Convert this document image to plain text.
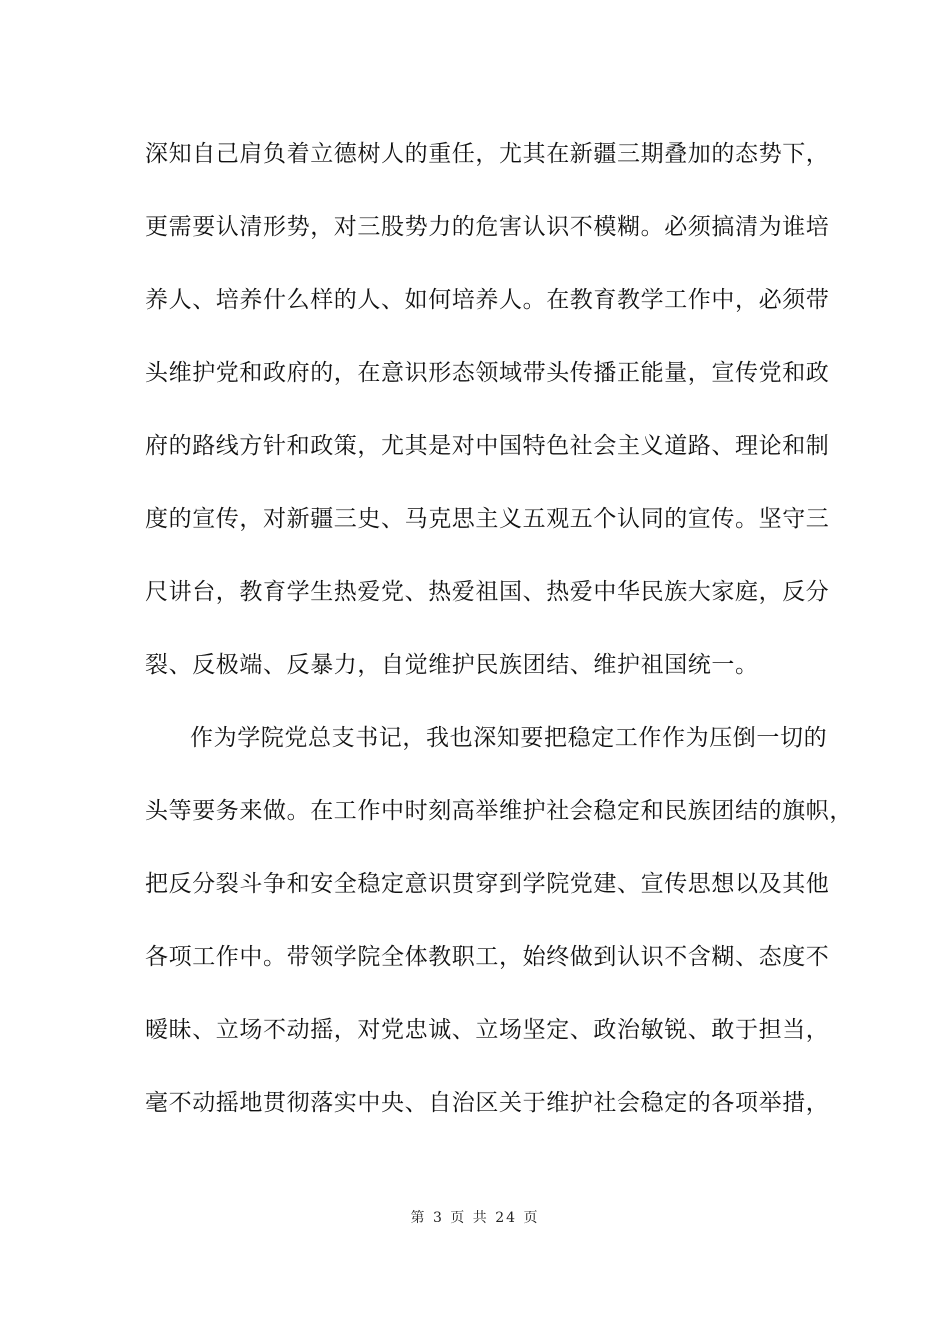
深知自己肩负着立德树人的重任，尤其在新疆三期叠加的态势下，
更需要认清形势，对三股势力的危害认识不模糊。必须搞清为谁培
养人、培养什么样的人、如何培养人。在教育教学工作中，必须带
头维护党和政府的，在意识形态领域带头传播正能量，宣传党和政
府的路线方针和政策，尤其是对中国特色社会主义道路、理论和制
度的宣传，对新疆三史、马克思主义五观五个认同的宣传。坚守三
尺讲台，教育学生热爱党、热爱祖国、热爱中华民族大家庭，反分
裂、反极端、反暴力，自觉维护民族团结、维护祖国统一。
作为学院党总支书记，我也深知要把稳定工作作为压倒一切的
头等要务来做。在工作中时刻高举维护社会稳定和民族团结的旗帜，
把反分裂斗争和安全稳定意识贯穿到学院党建、宣传思想以及其他
各项工作中。带领学院全体教职工，始终做到认识不含糊、态度不
暧昧、立场不动摇，对党忠诚、立场坚定、政治敏锐、敢于担当，
毫不动摇地贯彻落实中央、自治区关于维护社会稳定的各项举措，
第 3 页 共 24 页
